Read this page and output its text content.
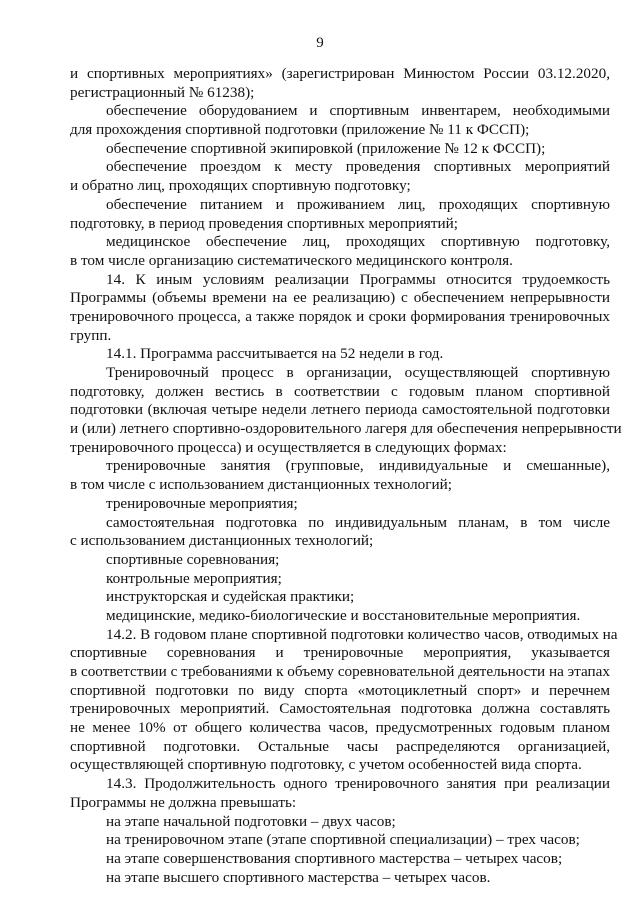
9
и спортивных мероприятиях» (зарегистрирован Минюстом России 03.12.2020,
регистрационный № 61238);
обеспечение оборудованием и спортивным инвентарем, необходимыми
для прохождения спортивной подготовки (приложение № 11 к ФССП);
обеспечение спортивной экипировкой (приложение № 12 к ФССП);
обеспечение проездом к месту проведения спортивных мероприятий
и обратно лиц, проходящих спортивную подготовку;
обеспечение питанием и проживанием лиц, проходящих спортивную
подготовку, в период проведения спортивных мероприятий;
медицинское обеспечение лиц, проходящих спортивную подготовку,
в том числе организацию систематического медицинского контроля.
14. К иным условиям реализации Программы относится трудоемкость
Программы (объемы времени на ее реализацию) с обеспечением непрерывности
тренировочного процесса, а также порядок и сроки формирования тренировочных
групп.
14.1. Программа рассчитывается на 52 недели в год.
Тренировочный процесс в организации, осуществляющей спортивную
подготовку, должен вестись в соответствии с годовым планом спортивной
подготовки (включая четыре недели летнего периода самостоятельной подготовки
и (или) летнего спортивно-оздоровительного лагеря для обеспечения непрерывности
тренировочного процесса) и осуществляется в следующих формах:
тренировочные занятия (групповые, индивидуальные и смешанные),
в том числе с использованием дистанционных технологий;
тренировочные мероприятия;
самостоятельная подготовка по индивидуальным планам, в том числе
с использованием дистанционных технологий;
спортивные соревнования;
контрольные мероприятия;
инструкторская и судейская практики;
медицинские, медико-биологические и восстановительные мероприятия.
14.2. В годовом плане спортивной подготовки количество часов, отводимых на
спортивные соревнования и тренировочные мероприятия, указывается
в соответствии с требованиями к объему соревновательной деятельности на этапах
спортивной подготовки по виду спорта «мотоциклетный спорт» и перечнем
тренировочных мероприятий. Самостоятельная подготовка должна составлять
не менее 10% от общего количества часов, предусмотренных годовым планом
спортивной подготовки. Остальные часы распределяются организацией,
осуществляющей спортивную подготовку, с учетом особенностей вида спорта.
14.3. Продолжительность одного тренировочного занятия при реализации
Программы не должна превышать:
на этапе начальной подготовки – двух часов;
на тренировочном этапе (этапе спортивной специализации) – трех часов;
на этапе совершенствования спортивного мастерства – четырех часов;
на этапе высшего спортивного мастерства – четырех часов.
